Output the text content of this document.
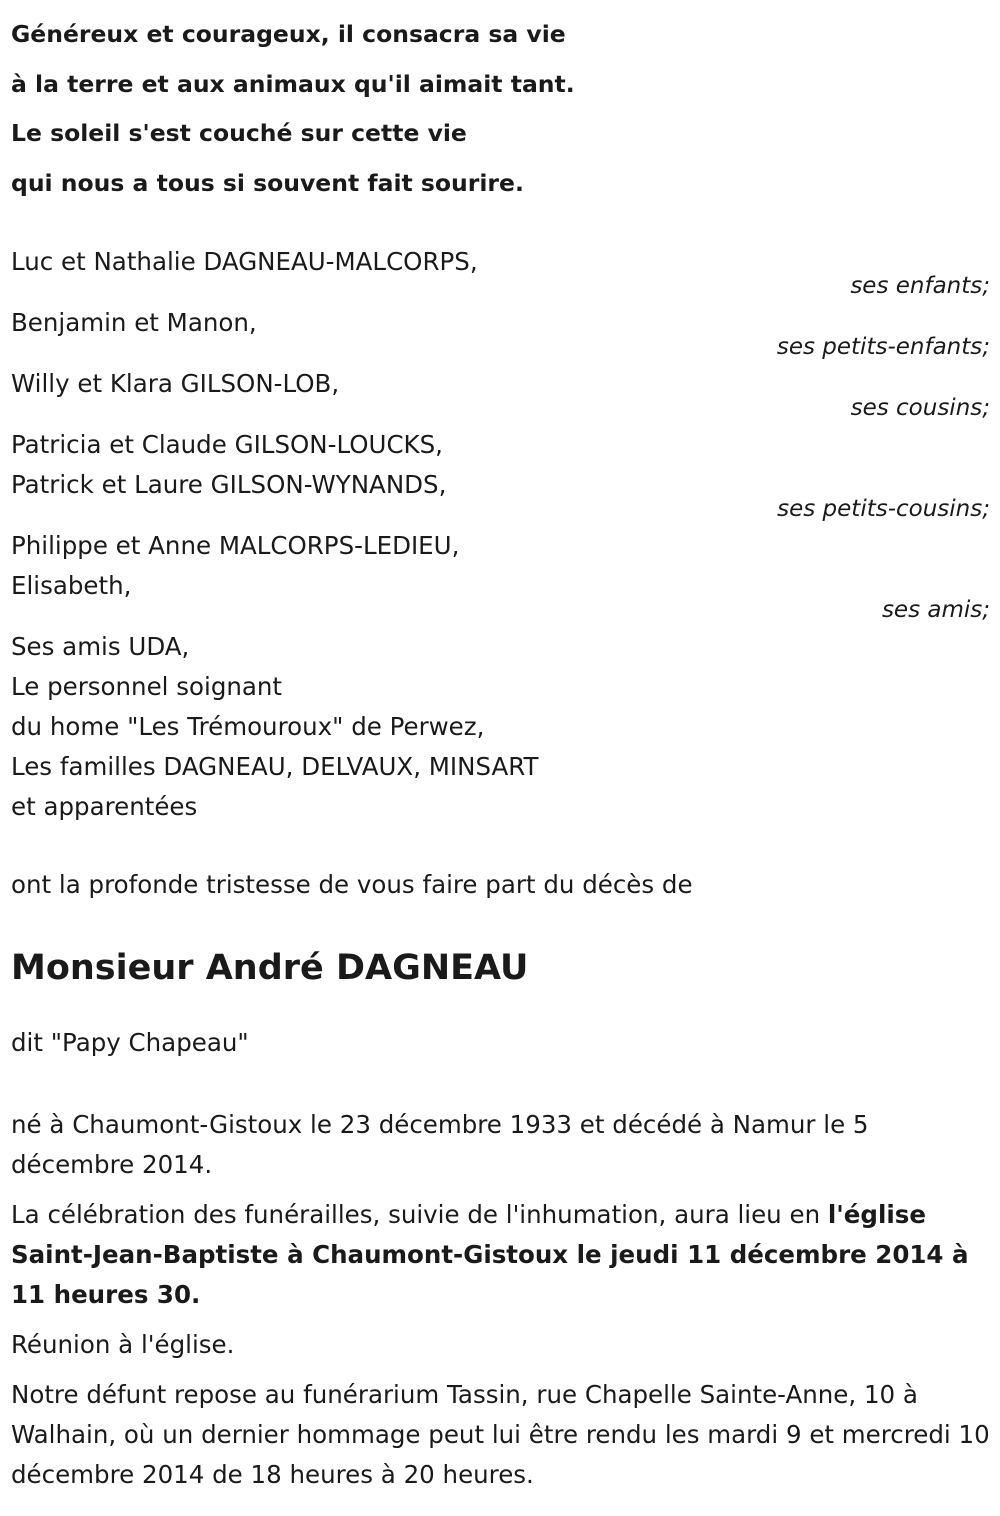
Généreux et courageux, il consacra sa vie
à la terre et aux animaux qu'il aimait tant.
Le soleil s'est couché sur cette vie
qui nous a tous si souvent fait sourire.
Luc et Nathalie DAGNEAU-MALCORPS,
ses enfants;
Benjamin et Manon,
ses petits-enfants;
Willy et Klara GILSON-LOB,
ses cousins;
Patricia et Claude GILSON-LOUCKS,
Patrick et Laure GILSON-WYNANDS,
ses petits-cousins;
Philippe et Anne MALCORPS-LEDIEU,
Elisabeth,
ses amis;
Ses amis UDA,
Le personnel soignant
du home "Les Trémouroux" de Perwez,
Les familles DAGNEAU, DELVAUX, MINSART
et apparentées
ont la profonde tristesse de vous faire part du décès de
Monsieur André DAGNEAU
dit "Papy Chapeau"

né à Chaumont-Gistoux le 23 décembre 1933 et décédé à Namur le 5 décembre 2014.

La célébration des funérailles, suivie de l'inhumation, aura lieu en l'église Saint-Jean-Baptiste à Chaumont-Gistoux le jeudi 11 décembre 2014 à 11 heures 30.

Réunion à l'église.

Notre défunt repose au funérarium Tassin, rue Chapelle Sainte-Anne, 10 à Walhain, où un dernier hommage peut lui être rendu les mardi 9 et mercredi 10 décembre 2014 de 18 heures à 20 heures.
